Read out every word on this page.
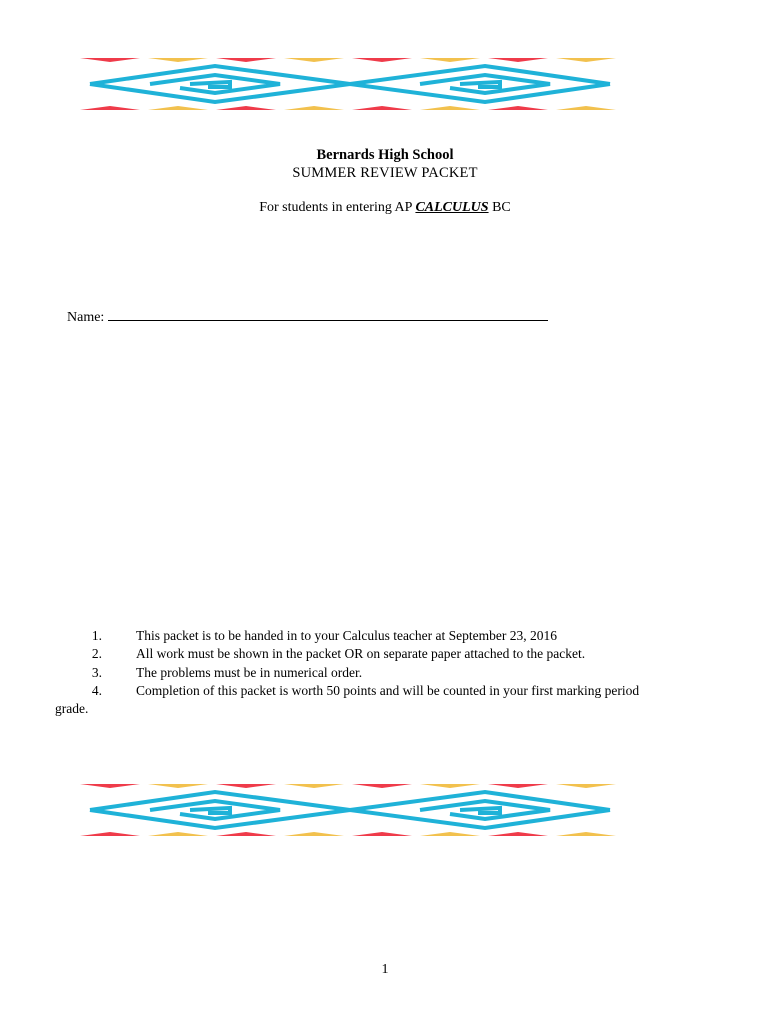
Bernards High School
SUMMER REVIEW PACKET
For students in entering AP CALCULUS BC
Name:
1.	This packet is to be handed in to your Calculus teacher at September 23, 2016
2.	All work must be shown in the packet OR on separate paper attached to the packet.
3.	The problems must be in numerical order.
4.	Completion of this packet is worth 50 points and will be counted in your first marking period
grade.
1
